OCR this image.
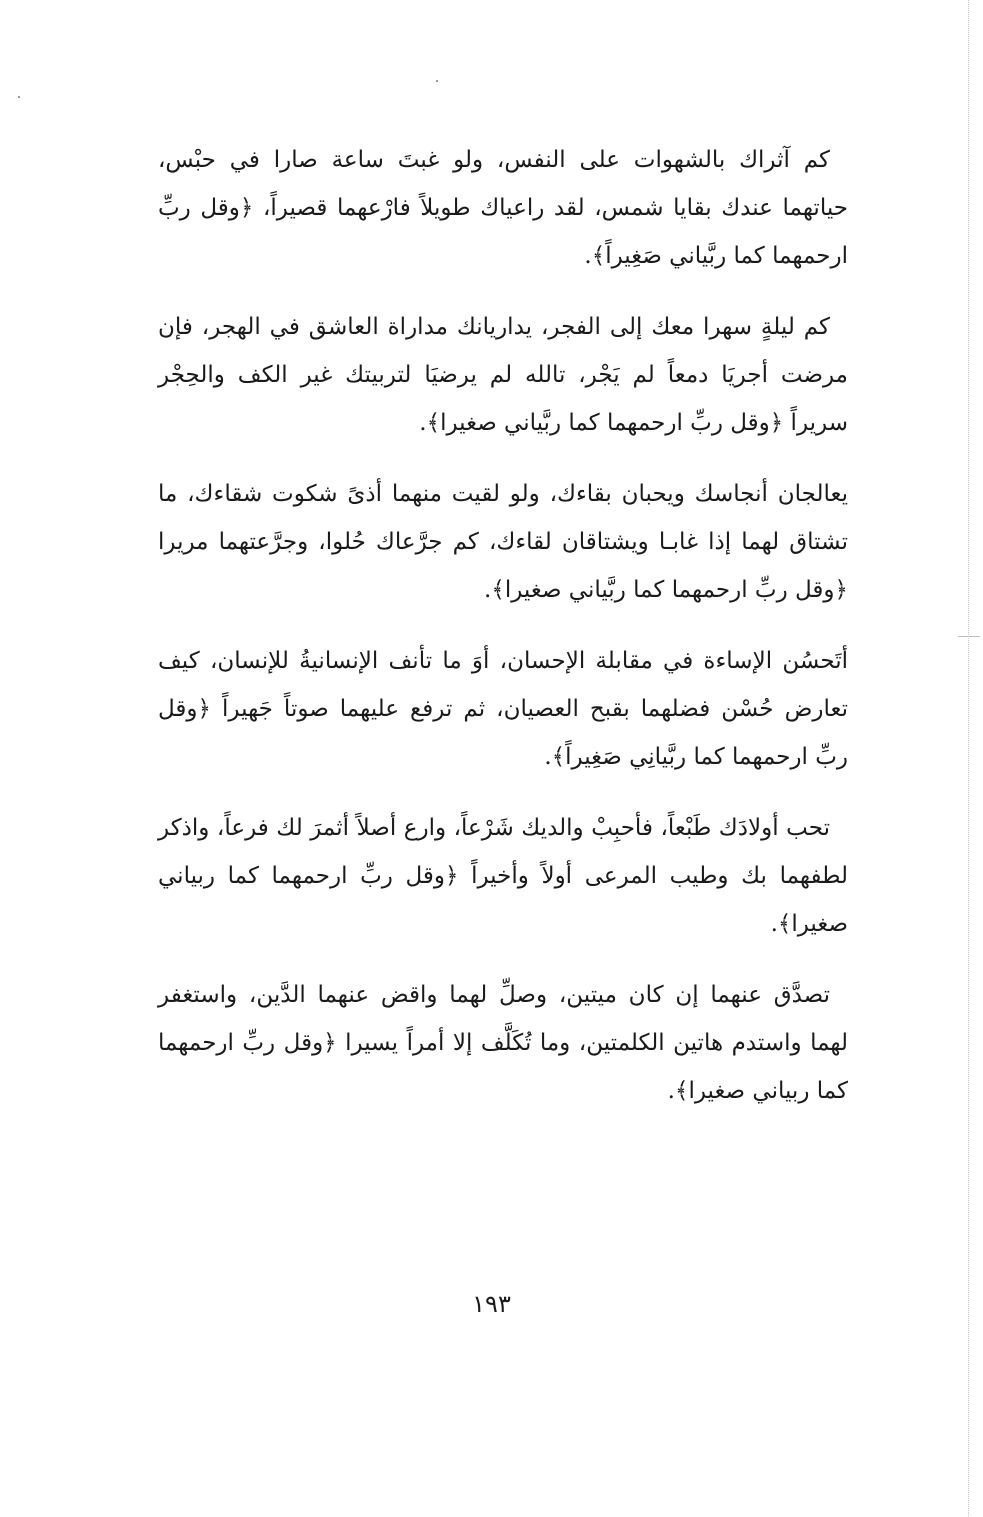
كم آثراك بالشهوات على النفس، ولو غبتَ ساعة صارا في حبْس، حياتهما عندك بقايا شمس، لقد راعياك طويلاً فارْعهما قصيراً، ﴿وقل ربِّ ارحمهما كما ربَّياني صَغِيراً﴾.

كم ليلةٍ سهرا معك إلى الفجر، يداريانك مداراة العاشق في الهجر، فإن مرضت أجريَا دمعاً لم يَجْر، تالله لم يرضيَا لتربيتك غير الكف والحِجْر سريراً ﴿وقل ربِّ ارحمهما كما ربَّياني صغيرا﴾.

يعالجان أنجاسك ويحبان بقاءك، ولو لقيت منهما أذىً شكوت شقاءك، ما تشتاق لهما إذا غابـا ويشتاقان لقاءك، كم جرَّعاك حُلوا، وجرَّعتهما مريرا ﴿وقل ربِّ ارحمهما كما ربَّياني صغيرا﴾.

أتَحسُن الإساءة في مقابلة الإحسان، أوَ ما تأنف الإنسانيةُ للإنسان، كيف تعارض حُسْن فضلهما بقبح العصيان، ثم ترفع عليهما صوتاً جَهيراً ﴿وقل ربِّ ارحمهما كما ربَّيانِي صَغِيراً﴾.

تحب أولادَك طَبْعاً، فأحبِبْ والديك شَرْعاً، وارع أصلاً أثمرَ لك فرعاً، واذكر لطفهما بك وطيب المرعى أولاً وأخيراً ﴿وقل ربِّ ارحمهما كما ربياني صغيرا﴾.

تصدَّق عنهما إن كان ميتين، وصلِّ لهما واقض عنهما الدَّين، واستغفر لهما واستدم هاتين الكلمتين، وما تُكَلَّف إلا أمراً يسيرا ﴿وقل ربِّ ارحمهما كما ربياني صغيرا﴾.

١٩٣
